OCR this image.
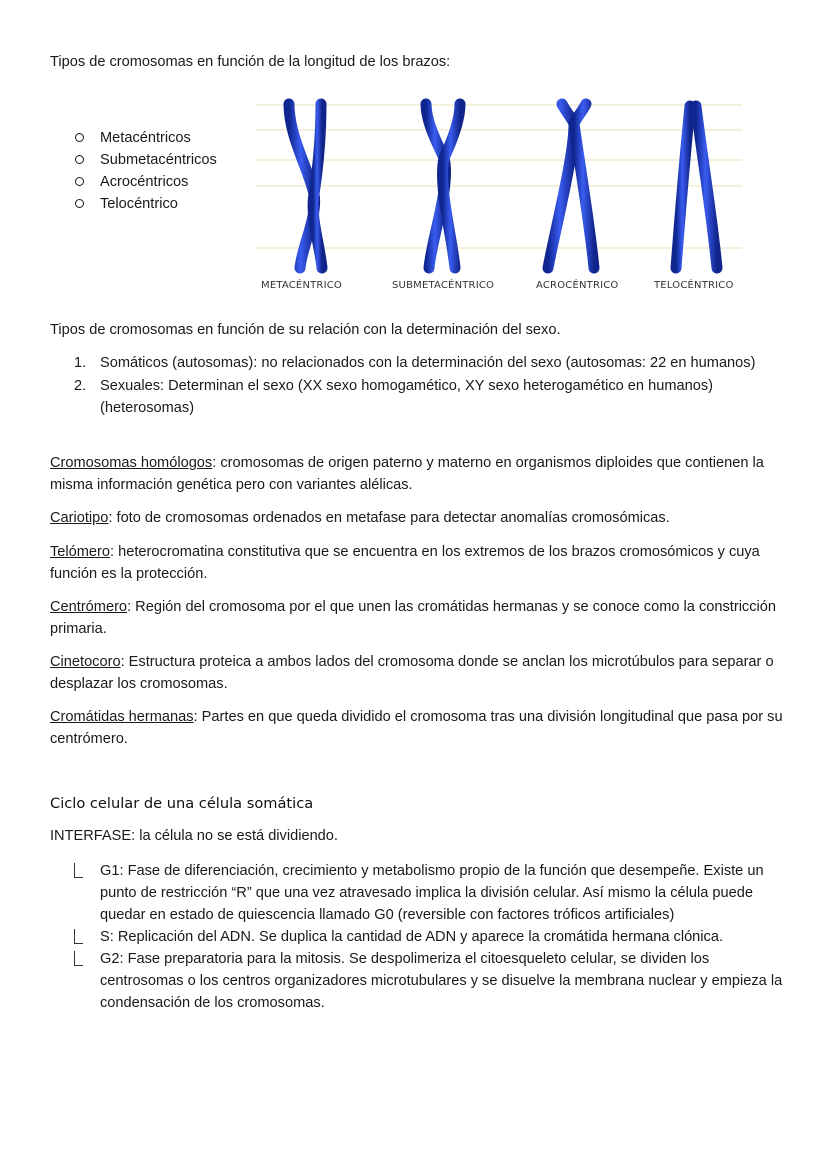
Tipos de cromosomas en función de la longitud de los brazos:

Metacéntricos
Submetacéntricos
Acrocéntricos
Telocéntrico
METACÉNTRICO	SUBMETACÉNTRICO	ACROCÉNTRICO	TELOCÉNTRICO

Tipos de cromosomas en función de su relación con la determinación del sexo.

1. Somáticos (autosomas): no relacionados con la determinación del sexo (autosomas: 22 en humanos)
2. Sexuales: Determinan el sexo (XX sexo homogamético, XY sexo heterogamético en humanos) (heterosomas)

Cromosomas homólogos: cromosomas de origen paterno y materno en organismos diploides que contienen la misma información genética pero con variantes alélicas.

Cariotipo: foto de cromosomas ordenados en metafase para detectar anomalías cromosómicas.

Telómero: heterocromatina constitutiva que se encuentra en los extremos de los brazos cromosómicos y cuya función es la protección.

Centrómero: Región del cromosoma por el que unen las cromátidas hermanas y se conoce como la constricción primaria.

Cinetocoro: Estructura proteica a ambos lados del cromosoma donde se anclan los microtúbulos para separar o desplazar los cromosomas.

Cromátidas hermanas: Partes en que queda dividido el cromosoma tras una división longitudinal que pasa por su centrómero.

Ciclo celular de una célula somática

INTERFASE: la célula no se está dividiendo.

G1: Fase de diferenciación, crecimiento y metabolismo propio de la función que desempeñe. Existe un punto de restricción “R” que una vez atravesado implica la división celular. Así mismo la célula puede quedar en estado de quiescencia llamado G0 (reversible con factores tróficos artificiales)
S: Replicación del ADN. Se duplica la cantidad de ADN y aparece la cromátida hermana clónica.
G2: Fase preparatoria para la mitosis. Se despolimeriza el citoesqueleto celular, se dividen los centrosomas o los centros organizadores microtubulares y se disuelve la membrana nuclear y empieza la condensación de los cromosomas.
